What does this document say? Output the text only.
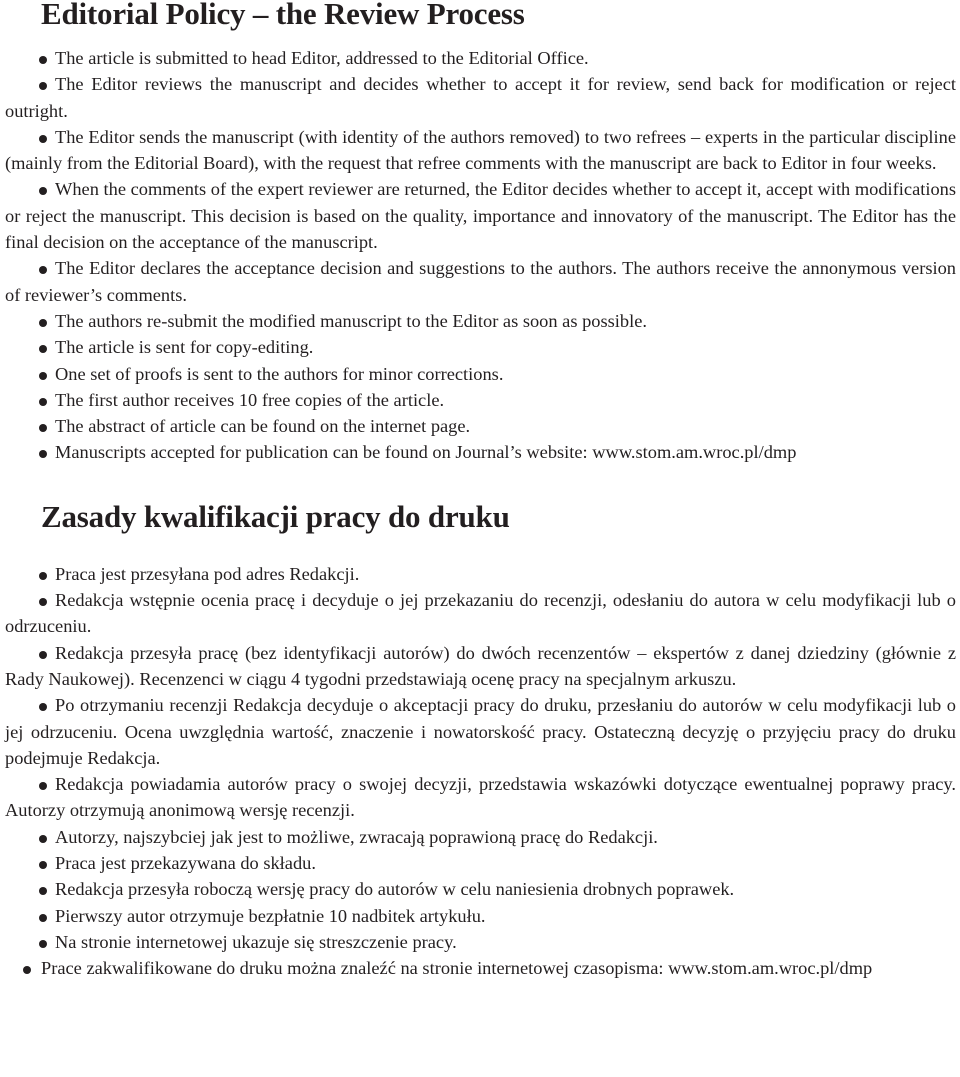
Editorial Policy – the Review Process
The article is submitted to head Editor, addressed to the Editorial Office.
The Editor reviews the manuscript and decides whether to accept it for review, send back for modification or reject outright.
The Editor sends the manuscript (with identity of the authors removed) to two refrees – experts in the particular discipline (mainly from the Editorial Board), with the request that refree comments with the manuscript are back to Editor in four weeks.
When the comments of the expert reviewer are returned, the Editor decides whether to accept it, accept with modifications or reject the manuscript. This decision is based on the quality, importance and innovatory of the manuscript. The Editor has the final decision on the acceptance of the manuscript.
The Editor declares the acceptance decision and suggestions to the authors. The authors receive the annonymous version of reviewer’s comments.
The authors re-submit the modified manuscript to the Editor as soon as possible.
The article is sent for copy-editing.
One set of proofs is sent to the authors for minor corrections.
The first author receives 10 free copies of the article.
The abstract of article can be found on the internet page.
Manuscripts accepted for publication can be found on Journal’s website: www.stom.am.wroc.pl/dmp
Zasady kwalifikacji pracy do druku
Praca jest przesyłana pod adres Redakcji.
Redakcja wstępnie ocenia pracę i decyduje o jej przekazaniu do recenzji, odesłaniu do autora w celu modyfikacji lub o odrzuceniu.
Redakcja przesyła pracę (bez identyfikacji autorów) do dwóch recenzentów – ekspertów z danej dziedziny (głównie z Rady Naukowej). Recenzenci w ciągu 4 tygodni przedstawiają ocenę pracy na specjalnym arkuszu.
Po otrzymaniu recenzji Redakcja decyduje o akceptacji pracy do druku, przesłaniu do autorów w celu modyfikacji lub o jej odrzuceniu. Ocena uwzględnia wartość, znaczenie i nowatorskość pracy. Ostateczną decyzję o przyjęciu pracy do druku podejmuje Redakcja.
Redakcja powiadamia autorów pracy o swojej decyzji, przedstawia wskazówki dotyczące ewentualnej poprawy pracy. Autorzy otrzymują anonimową wersję recenzji.
Autorzy, najszybciej jak jest to możliwe, zwracają poprawioną pracę do Redakcji.
Praca jest przekazywana do składu.
Redakcja przesyła roboczą wersję pracy do autorów w celu naniesienia drobnych poprawek.
Pierwszy autor otrzymuje bezpłatnie 10 nadbitek artykułu.
Na stronie internetowej ukazuje się streszczenie pracy.
Prace zakwalifikowane do druku można znaleźć na stronie internetowej czasopisma: www.stom.am.wroc.pl/dmp
